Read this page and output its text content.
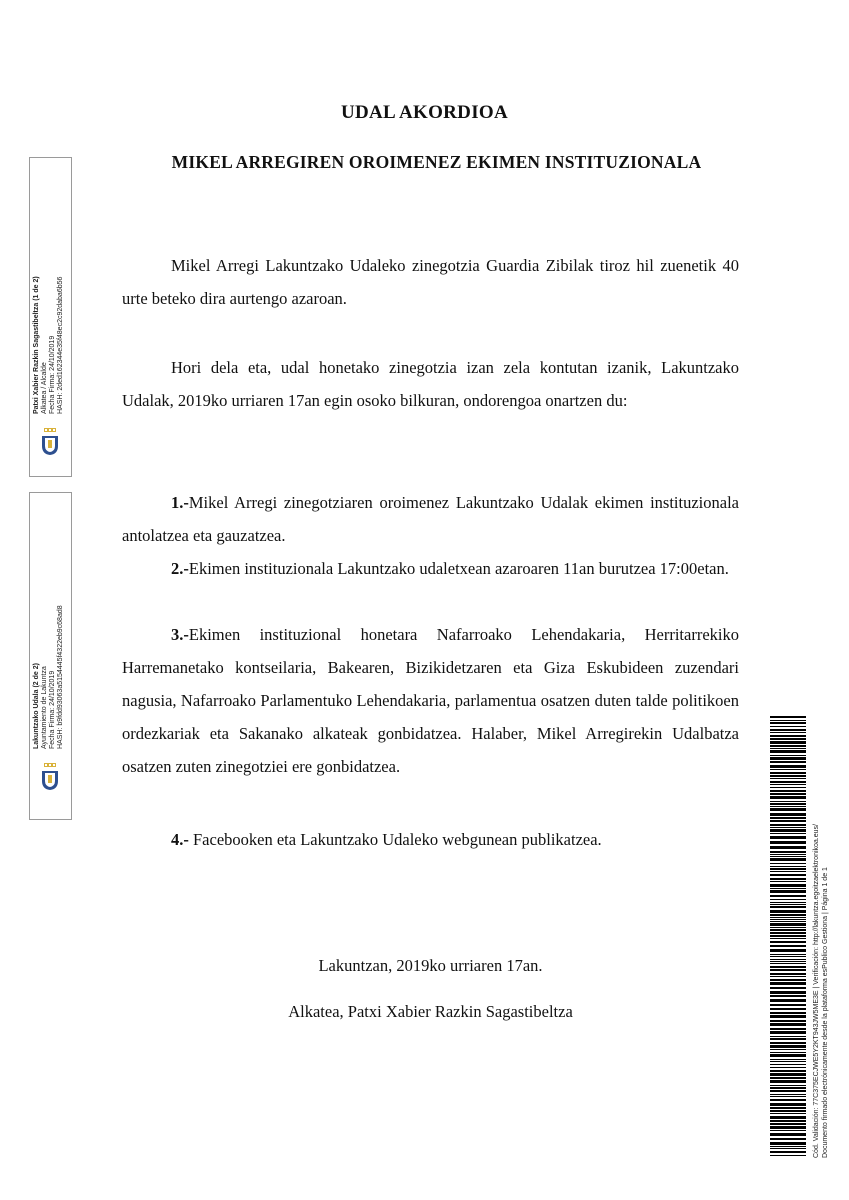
UDAL AKORDIOA
MIKEL ARREGIREN OROIMENEZ EKIMEN INSTITUZIONALA

Mikel Arregi Lakuntzako Udaleko zinegotzia Guardia Zibilak tiroz hil zuenetik 40 urte beteko dira aurtengo azaroan.

Hori dela eta, udal honetako zinegotzia izan zela kontutan izanik, Lakuntzako Udalak, 2019ko urriaren 17an egin osoko bilkuran, ondorengoa onartzen du:

1.-Mikel Arregi zinegotziaren oroimenez Lakuntzako Udalak ekimen instituzionala antolatzea eta gauzatzea.

2.-Ekimen instituzionala Lakuntzako udaletxean azaroaren 11an burutzea 17:00etan.

3.-Ekimen instituzional honetara Nafarroako Lehendakaria, Herritarrekiko Harremanetako kontseilaria, Bakearen, Bizikidetzaren eta Giza Eskubideen zuzendari nagusia, Nafarroako Parlamentuko Lehendakaria, parlamentua osatzen duten talde politikoen ordezkariak eta Sakanako alkateak gonbidatzea. Halaber, Mikel Arregirekin Udalbatza osatzen zuten zinegotziei ere gonbidatzea.

4.- Facebooken eta Lakuntzako Udaleko webgunean publikatzea.

Lakuntzan, 2019ko urriaren 17an.

Alkatea, Patxi Xabier Razkin Sagastibeltza

Patxi Xabier Razkin Sagastibeltza (1 de 2) Alkatea / Alcalde Fecha Firma: 24/10/2019 HASH: 2ded162344e35f48ec2c92daba6b56
Lakuntzako Udala (2 de 2) Ayuntamiento de Lakuntza Fecha Firma: 24/10/2019 HASH: b9fdd93063a5154445f4322eb9c68ad8
Cód. Validación: 77C375ECJWE5Y2KT943JW5ME3E | Verificación: http://lakuntza.egoitzaelektronikoa.eus/ Documento firmado electrónicamente desde la plataforma esPublico Gestiona | Página 1 de 1
